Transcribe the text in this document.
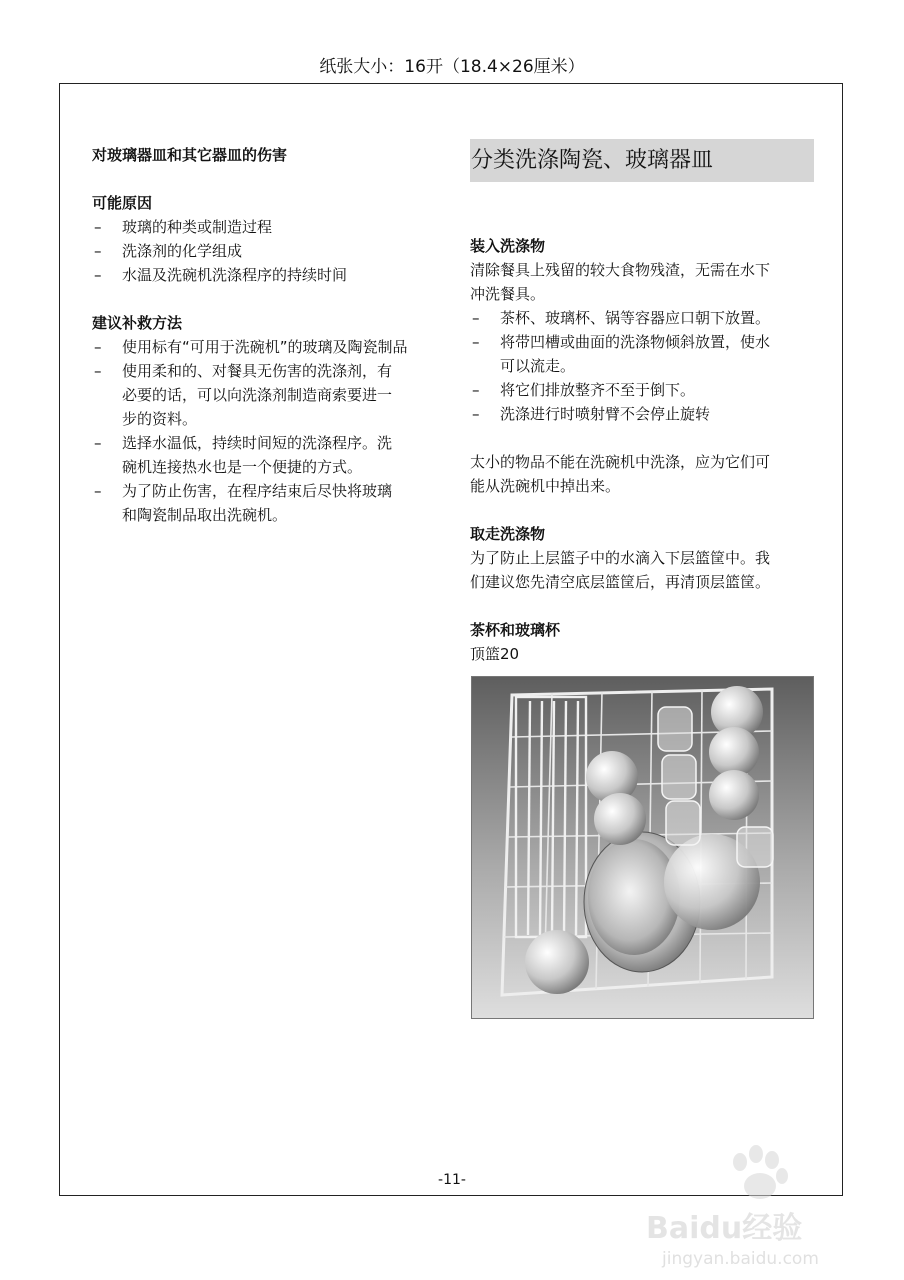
纸张大小：16开（18.4×26厘米）
对玻璃器皿和其它器皿的伤害
可能原因
– 玻璃的种类或制造过程
– 洗涤剂的化学组成
– 水温及洗碗机洗涤程序的持续时间
建议补救方法
– 使用标有“可用于洗碗机”的玻璃及陶瓷制品
– 使用柔和的、对餐具无伤害的洗涤剂，有
必要的话，可以向洗涤剂制造商索要进一
步的资料。
– 选择水温低，持续时间短的洗涤程序。洗
碗机连接热水也是一个便捷的方式。
– 为了防止伤害，在程序结束后尽快将玻璃
和陶瓷制品取出洗碗机。
分类洗涤陶瓷、玻璃器皿
装入洗涤物

清除餐具上残留的较大食物残渣，无需在水下
冲洗餐具。

– 茶杯、玻璃杯、锅等容器应口朝下放置。
– 将带凹槽或曲面的洗涤物倾斜放置，使水
可以流走。
– 将它们排放整齐不至于倒下。
– 洗涤进行时喷射臂不会停止旋转

太小的物品不能在洗碗机中洗涤，应为它们可
能从洗碗机中掉出来。

取走洗涤物

为了防止上层篮子中的水滴入下层篮筐中。我
们建议您先清空底层篮筐后，再清顶层篮筐。

茶杯和玻璃杯
顶篮20
-11-
Baidu经验
jingyan.baidu.com
